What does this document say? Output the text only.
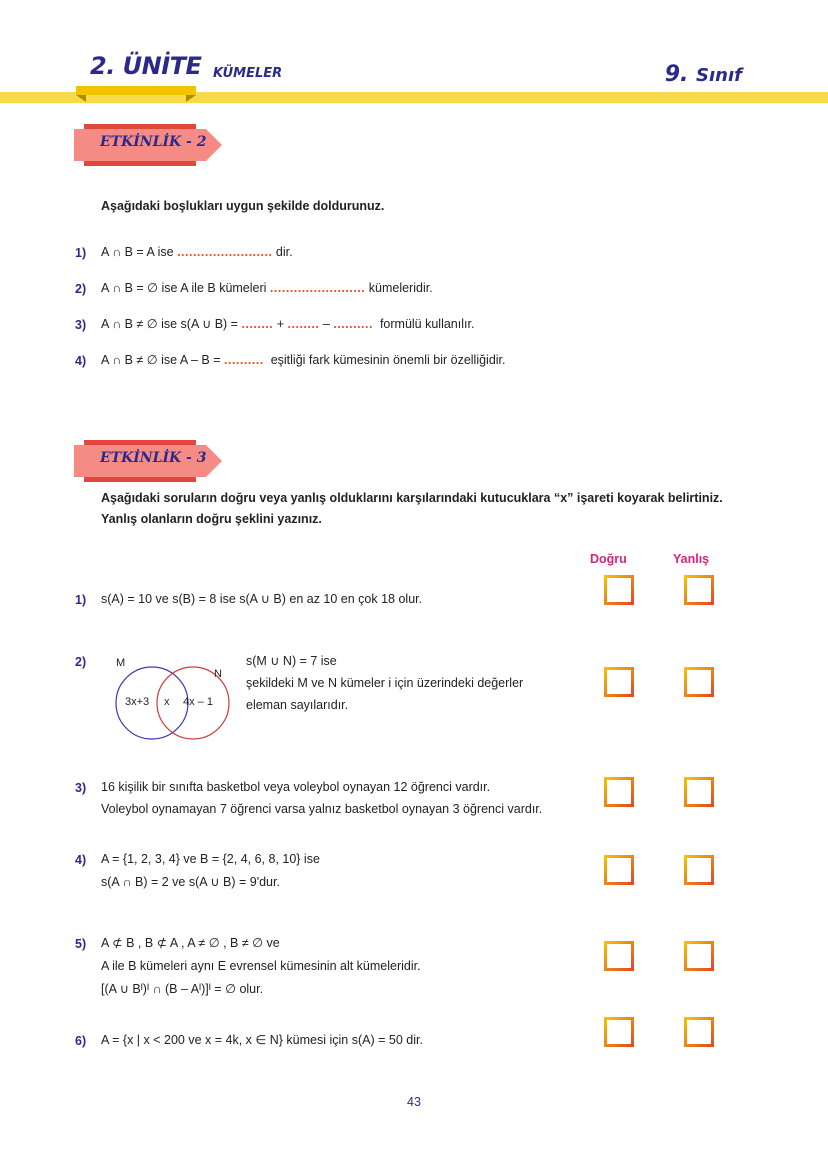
2. ÜNİTE KÜMELER	9. Sınıf
ETKİNLİK - 2
Aşağıdaki boşlukları uygun şekilde doldurunuz.
1) A ∩ B = A ise ........................ dir.
2) A ∩ B = ∅ ise A ile B kümeleri ........................ kümeleridir.
3) A ∩ B ≠ ∅ ise s(A ∪ B) = ........ + ........ – .......... formülü kullanılır.
4) A ∩ B ≠ ∅ ise A – B = .......... eşitliği fark kümesinin önemli bir özelliğidir.
ETKİNLİK - 3
Aşağıdaki soruların doğru veya yanlış olduklarını karşılarındaki kutucuklara “x” işareti koyarak belirtiniz.
Yanlış olanların doğru şeklini yazınız.
Doğru	Yanlış
1) s(A) = 10 ve s(B) = 8 ise s(A ∪ B) en az 10 en çok 18 olur.
2)	M
N
3x+3 x 4x – 1
s(M ∪ N) = 7 ise
şekildeki M ve N kümeler i için üzerindeki değerler
eleman sayılarıdır.
3) 16 kişilik bir sınıfta basketbol veya voleybol oynayan 12 öğrenci vardır.
Voleybol oynamayan 7 öğrenci varsa yalnız basketbol oynayan 3 öğrenci vardır.
4) A = {1, 2, 3, 4} ve B = {2, 4, 6, 8, 10} ise
s(A ∩ B) = 2 ve s(A ∪ B) = 9'dur.
5) A ⊄ B , B ⊄ A , A ≠ ∅ , B ≠ ∅ ve
A ile B kümeleri aynı E evrensel kümesinin alt kümeleridir.
[(A ∪ Bᴵ)ᴵ ∩ (B – Aᴵ)]ᴵ = ∅ olur.
6) A = {x | x < 200 ve x = 4k, x ∈ N} kümesi için s(A) = 50 dir.
43
